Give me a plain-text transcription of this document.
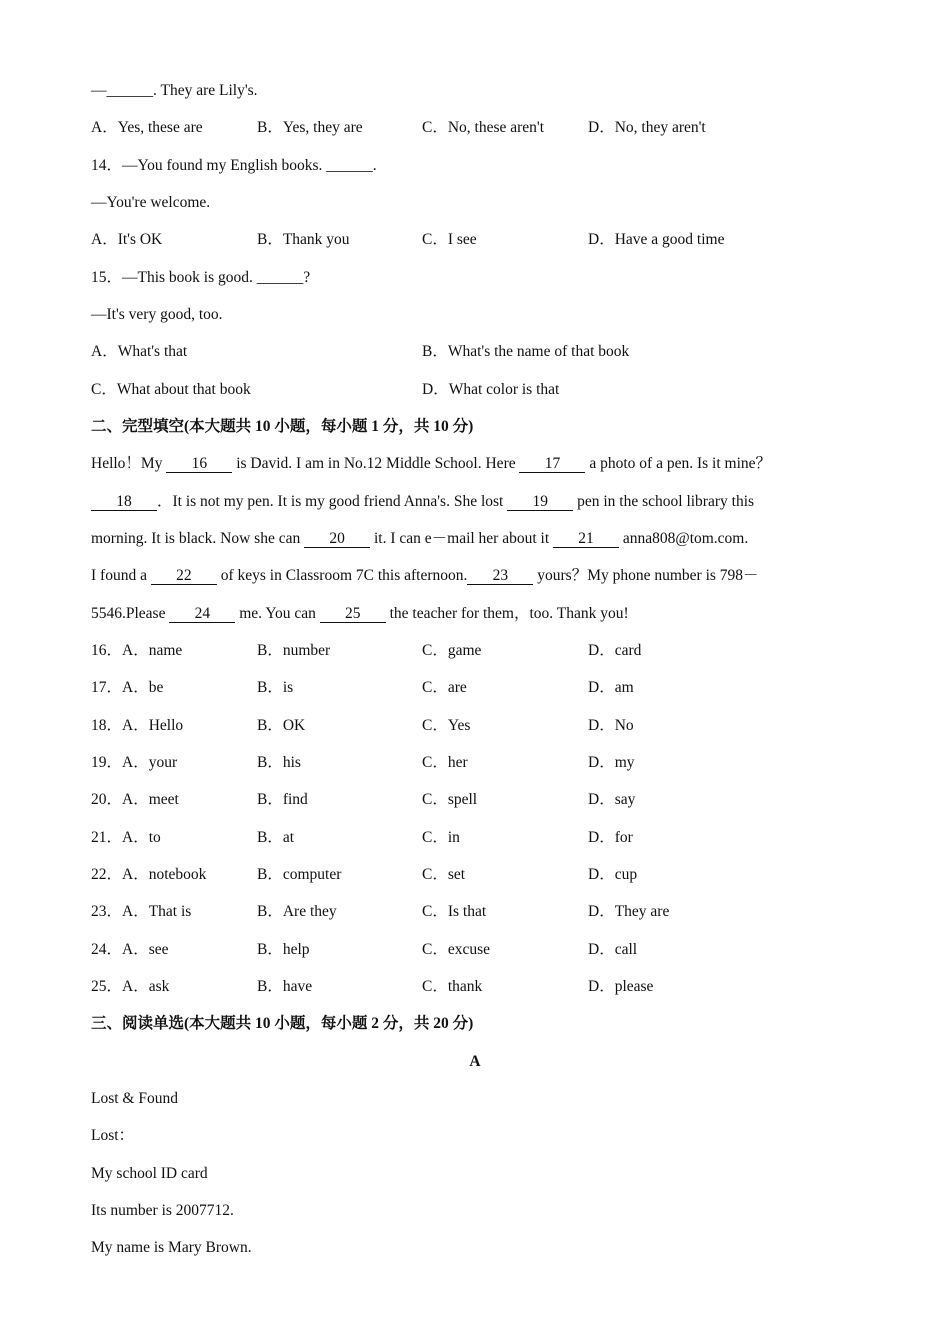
—______. They are Lily's.
A．Yes, these are	B．Yes, they are	C．No, these aren't	D．No, they aren't
14．—You found my English books. ______.
—You're welcome.
A．It's OK	B．Thank you	C．I see	D．Have a good time
15．—This book is good. ______?
—It's very good, too.
A．What's that	B．What's the name of that book
C．What about that book	D．What color is that
二、完型填空(本大题共 10 小题，每小题 1 分，共 10 分)
Hello！My 16 is David. I am in No.12 Middle School. Here 17 a photo of a pen. Is it mine？
18 ．It is not my pen. It is my good friend Anna's. She lost 19 pen in the school library this
morning. It is black. Now she can 20 it. I can e－mail her about it 21 anna808@tom.com.
I found a 22 of keys in Classroom 7C this afternoon. 23 yours？My phone number is 798－
5546.Please 24 me. You can 25 the teacher for them，too. Thank you!
16．A．name	B．number	C．game	D．card
17．A．be	B．is	C．are	D．am
18．A．Hello	B．OK	C．Yes	D．No
19．A．your	B．his	C．her	D．my
20．A．meet	B．find	C．spell	D．say
21．A．to	B．at	C．in	D．for
22．A．notebook	B．computer	C．set	D．cup
23．A．That is	B．Are they	C．Is that	D．They are
24．A．see	B．help	C．excuse	D．call
25．A．ask	B．have	C．thank	D．please
三、阅读单选(本大题共 10 小题，每小题 2 分，共 20 分)
A
Lost & Found
Lost：
My school ID card
Its number is 2007712.
My name is Mary Brown.
